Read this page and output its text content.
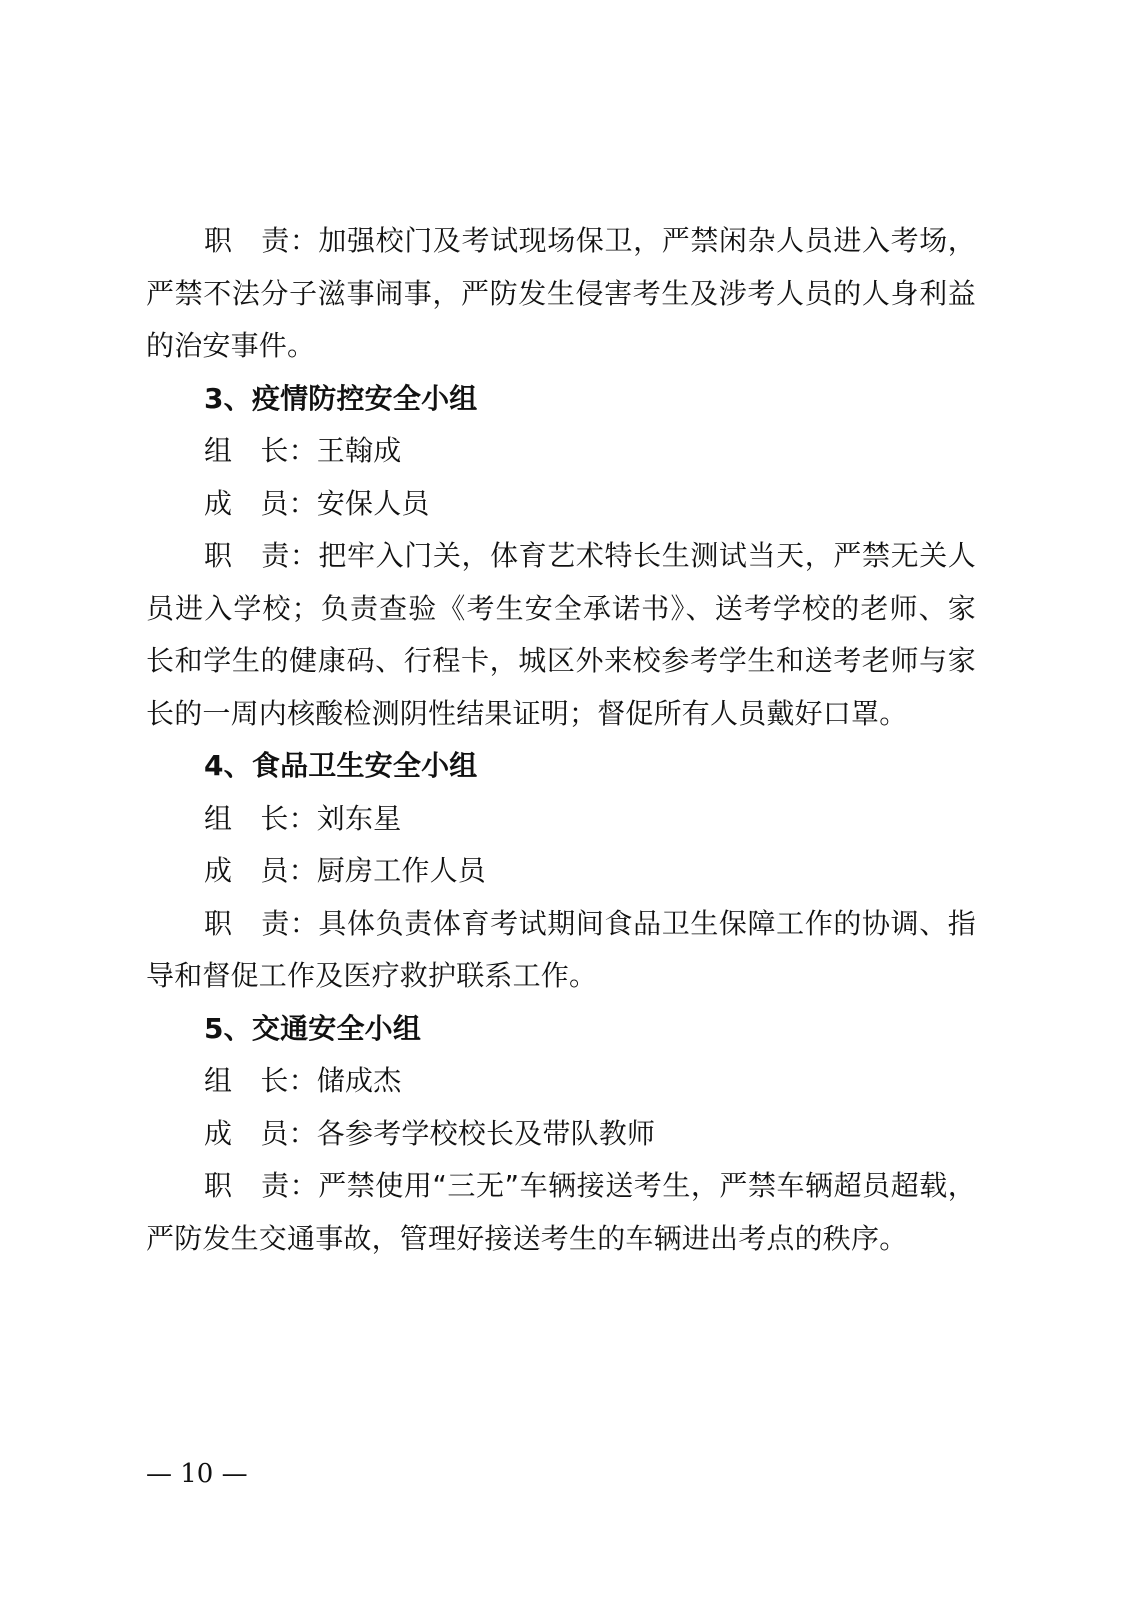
职　责：加强校门及考试现场保卫，严禁闲杂人员进入考场，严禁不法分子滋事闹事，严防发生侵害考生及涉考人员的人身利益的治安事件。

3、疫情防控安全小组

组　长：王翰成

成　员：安保人员

职　责：把牢入门关，体育艺术特长生测试当天，严禁无关人员进入学校；负责查验《考生安全承诺书》、送考学校的老师、家长和学生的健康码、行程卡，城区外来校参考学生和送考老师与家长的一周内核酸检测阴性结果证明；督促所有人员戴好口罩。

4、食品卫生安全小组

组　长：刘东星

成　员：厨房工作人员

职　责：具体负责体育考试期间食品卫生保障工作的协调、指导和督促工作及医疗救护联系工作。

5、交通安全小组

组　长：储成杰

成　员：各参考学校校长及带队教师

职　责：严禁使用“三无”车辆接送考生，严禁车辆超员超载，严防发生交通事故，管理好接送考生的车辆进出考点的秩序。

— 10 —
